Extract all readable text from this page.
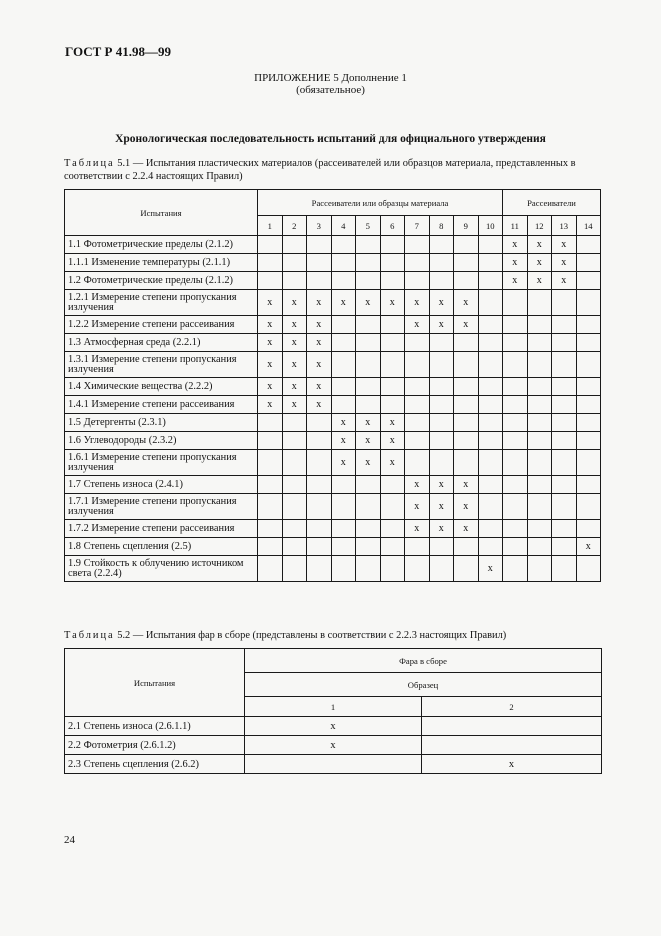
ГОСТ Р 41.98—99
ПРИЛОЖЕНИЕ 5 Дополнение 1
(обязательное)
Хронологическая последовательность испытаний для официального утверждения
Таблица 5.1 — Испытания пластических материалов (рассеивателей или образцов материала, представленных в соответствии с 2.2.4 настоящих Правил)
Испытания	Рассеиватели или образцы материала										Рассеиватели			
	1	2	3	4	5	6	7	8	9	10	11	12	13	14
1.1 Фотометрические пределы (2.1.2)											x	x	x	
1.1.1 Изменение температуры (2.1.1)											x	x	x	
1.2 Фотометрические пределы (2.1.2)											x	x	x	
1.2.1 Измерение степени пропускания излучения	x	x	x	x	x	x	x	x	x					
1.2.2 Измерение степени рассеивания	x	x	x				x	x	x					
1.3 Атмосферная среда (2.2.1)	x	x	x											
1.3.1 Измерение степени пропускания излучения	x	x	x											
1.4 Химические вещества (2.2.2)	x	x	x											
1.4.1 Измерение степени рассеивания	x	x	x											
1.5 Детергенты (2.3.1)				x	x	x								
1.6 Углеводороды (2.3.2)				x	x	x								
1.6.1 Измерение степени пропускания излучения				x	x	x								
1.7 Степень износа (2.4.1)							x	x	x					
1.7.1 Измерение степени пропускания излучения							x	x	x					
1.7.2 Измерение степени рассеивания							x	x	x					
1.8 Степень сцепления (2.5)														x
1.9 Стойкость к облучению источником света (2.2.4)										x				
Таблица 5.2 — Испытания фар в сборе (представлены в соответствии с 2.2.3 настоящих Правил)
Испытания	Фара в сборе	
	Образец	
	1	2
2.1 Степень износа (2.6.1.1)	x	
2.2 Фотометрия (2.6.1.2)	x	
2.3 Степень сцепления (2.6.2)		x
24
